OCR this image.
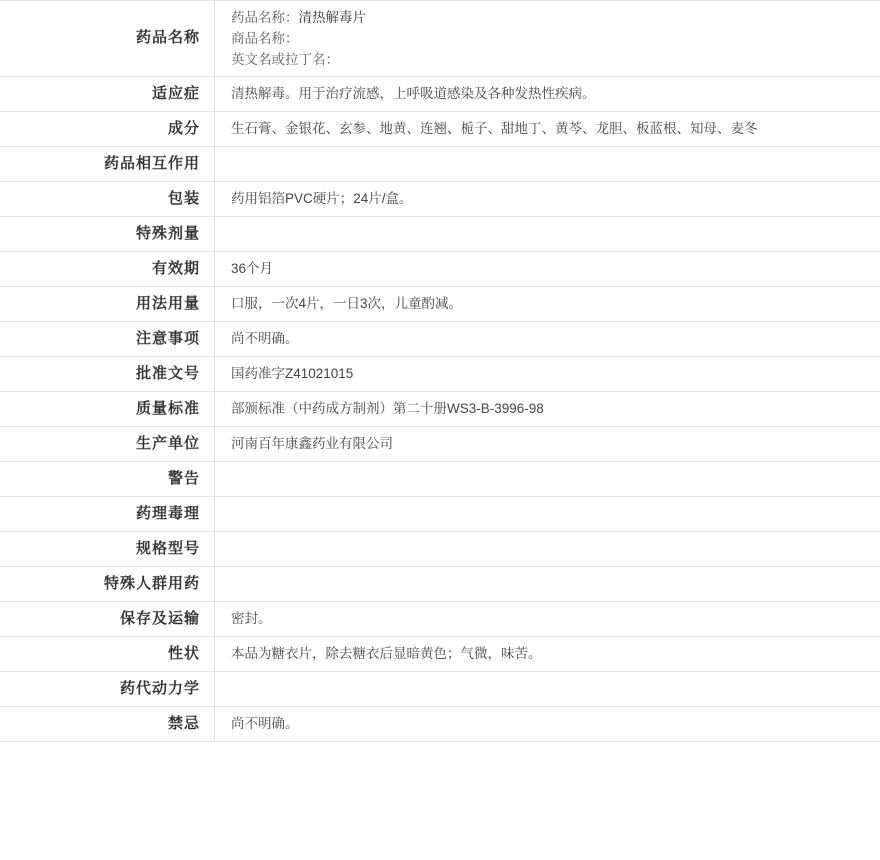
药品名称	药品名称：清热解毒片
商品名称：
英文名或拉丁名：

适应症	清热解毒。用于治疗流感，上呼吸道感染及各种发热性疾病。
成分	生石膏、金银花、玄参、地黄、连翘、栀子、甜地丁、黄芩、龙胆、板蓝根、知母、麦冬
药品相互作用	
包装	药用铝箔PVC硬片；24片/盒。
特殊剂量	
有效期	36个月
用法用量	口服，一次4片，一日3次，儿童酌减。
注意事项	尚不明确。
批准文号	国药准字Z41021015
质量标准	部颁标准（中药成方制剂）第二十册WS3-B-3996-98
生产单位	河南百年康鑫药业有限公司
警告	
药理毒理	
规格型号	
特殊人群用药	
保存及运输	密封。
性状	本品为糖衣片，除去糖衣后显暗黄色；气微，味苦。
药代动力学	
禁忌	尚不明确。
